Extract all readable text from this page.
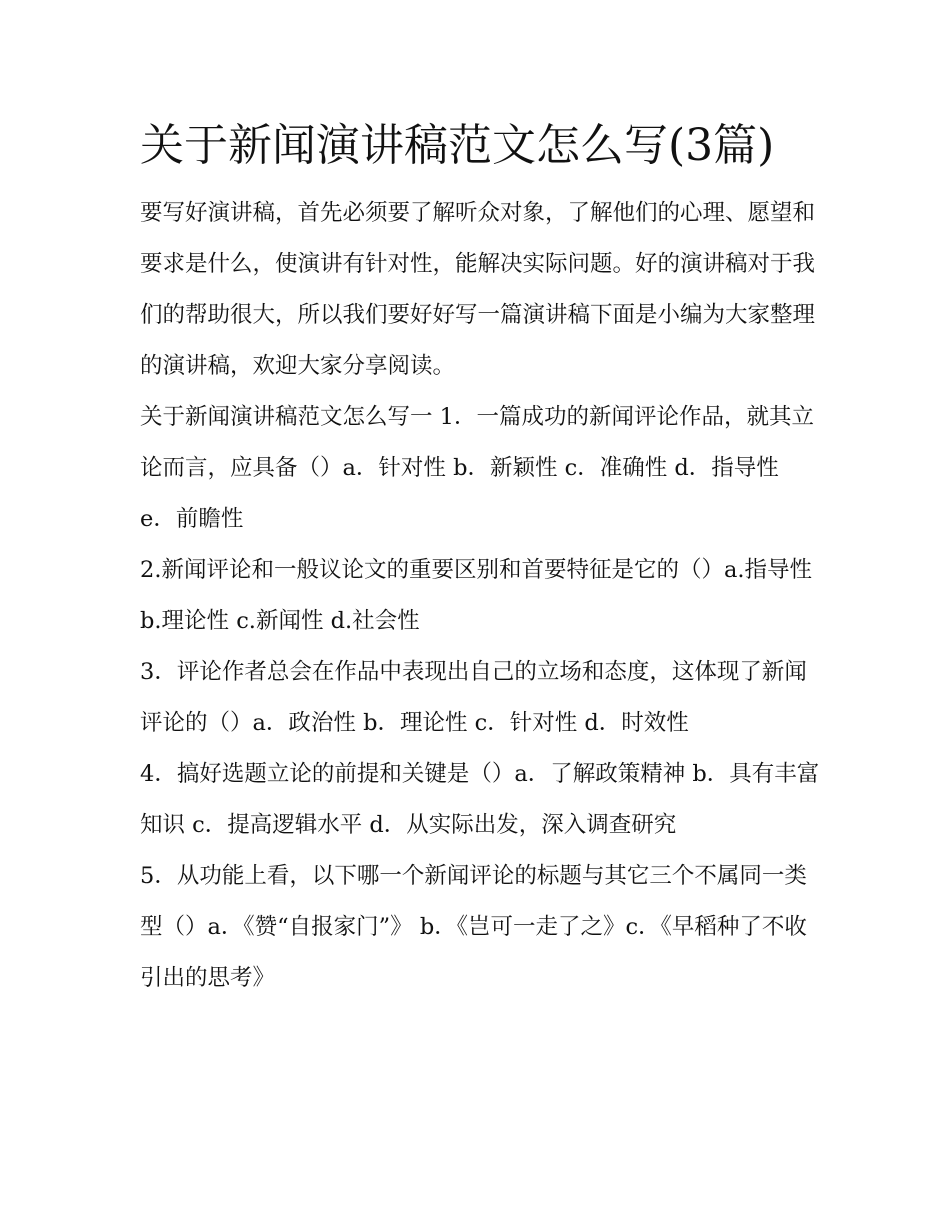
关于新闻演讲稿范文怎么写(3篇)

要写好演讲稿，首先必须要了解听众对象，了解他们的心理、愿望和要求是什么，使演讲有针对性，能解决实际问题。好的演讲稿对于我们的帮助很大，所以我们要好好写一篇演讲稿下面是小编为大家整理的演讲稿，欢迎大家分享阅读。

关于新闻演讲稿范文怎么写一 1．一篇成功的新闻评论作品，就其立论而言，应具备（）a．针对性 b．新颖性 c．准确性 d．指导性 e．前瞻性

2.新闻评论和一般议论文的重要区别和首要特征是它的（）a.指导性 b.理论性 c.新闻性 d.社会性

3．评论作者总会在作品中表现出自己的立场和态度，这体现了新闻评论的（）a．政治性 b．理论性 c．针对性 d．时效性

4．搞好选题立论的前提和关键是（）a．了解政策精神 b．具有丰富知识 c．提高逻辑水平 d．从实际出发，深入调查研究

5．从功能上看，以下哪一个新闻评论的标题与其它三个不属同一类型（）a．《赞“自报家门”》 b．《岂可一走了之》c．《早稻种了不收引出的思考》
